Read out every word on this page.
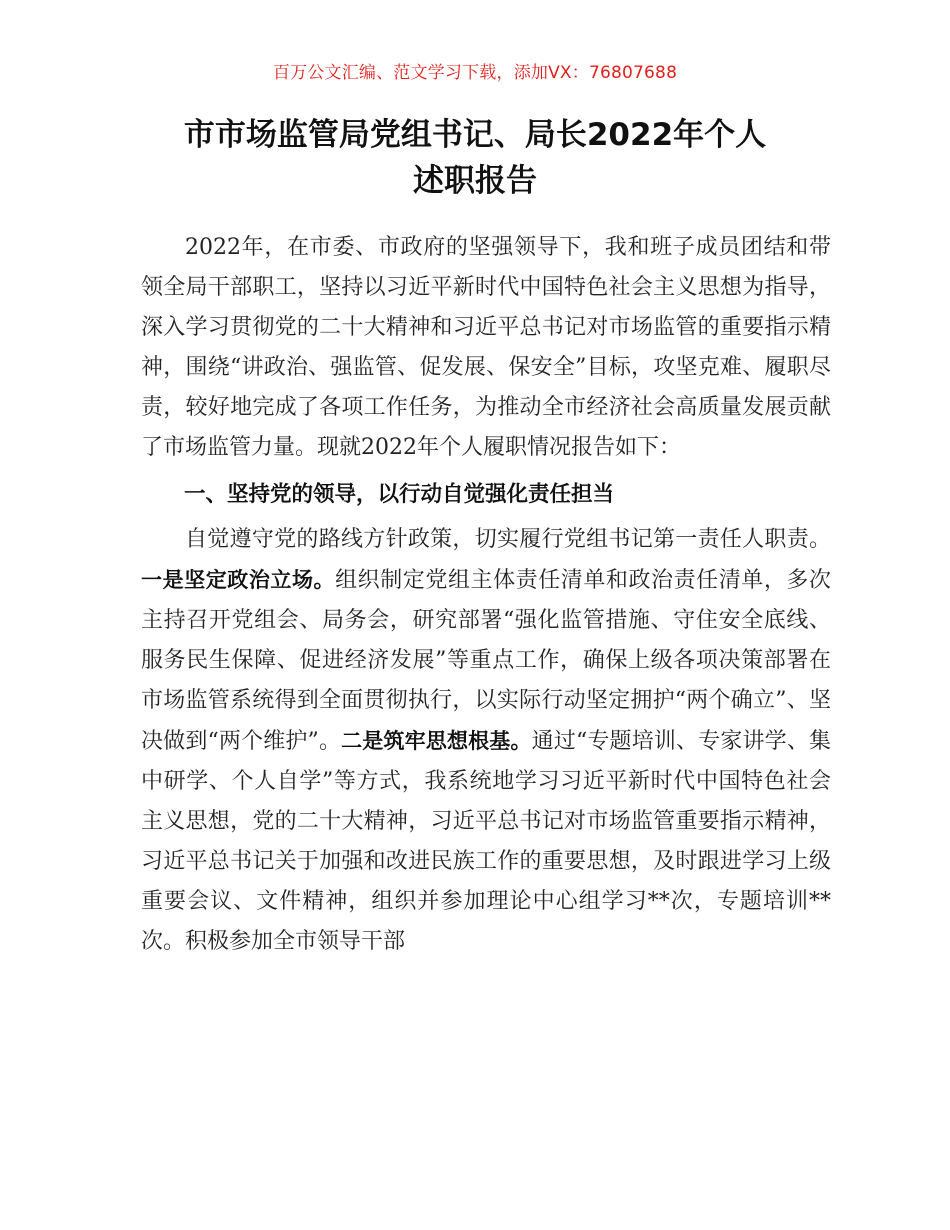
百万公文汇编、范文学习下载，添加VX：76807688
市市场监管局党组书记、局长2022年个人
述职报告

2022年，在市委、市政府的坚强领导下，我和班子成员团结和带领全局干部职工，坚持以习近平新时代中国特色社会主义思想为指导，深入学习贯彻党的二十大精神和习近平总书记对市场监管的重要指示精神，围绕“讲政治、强监管、促发展、保安全”目标，攻坚克难、履职尽责，较好地完成了各项工作任务，为推动全市经济社会高质量发展贡献了市场监管力量。现就2022年个人履职情况报告如下：

一、坚持党的领导，以行动自觉强化责任担当

自觉遵守党的路线方针政策，切实履行党组书记第一责任人职责。一是坚定政治立场。组织制定党组主体责任清单和政治责任清单，多次主持召开党组会、局务会，研究部署“强化监管措施、守住安全底线、服务民生保障、促进经济发展”等重点工作，确保上级各项决策部署在市场监管系统得到全面贯彻执行，以实际行动坚定拥护“两个确立”、坚决做到“两个维护”。二是筑牢思想根基。通过“专题培训、专家讲学、集中研学、个人自学”等方式，我系统地学习习近平新时代中国特色社会主义思想，党的二十大精神，习近平总书记对市场监管重要指示精神，习近平总书记关于加强和改进民族工作的重要思想，及时跟进学习上级重要会议、文件精神，组织并参加理论中心组学习**次，专题培训**次。积极参加全市领导干部
